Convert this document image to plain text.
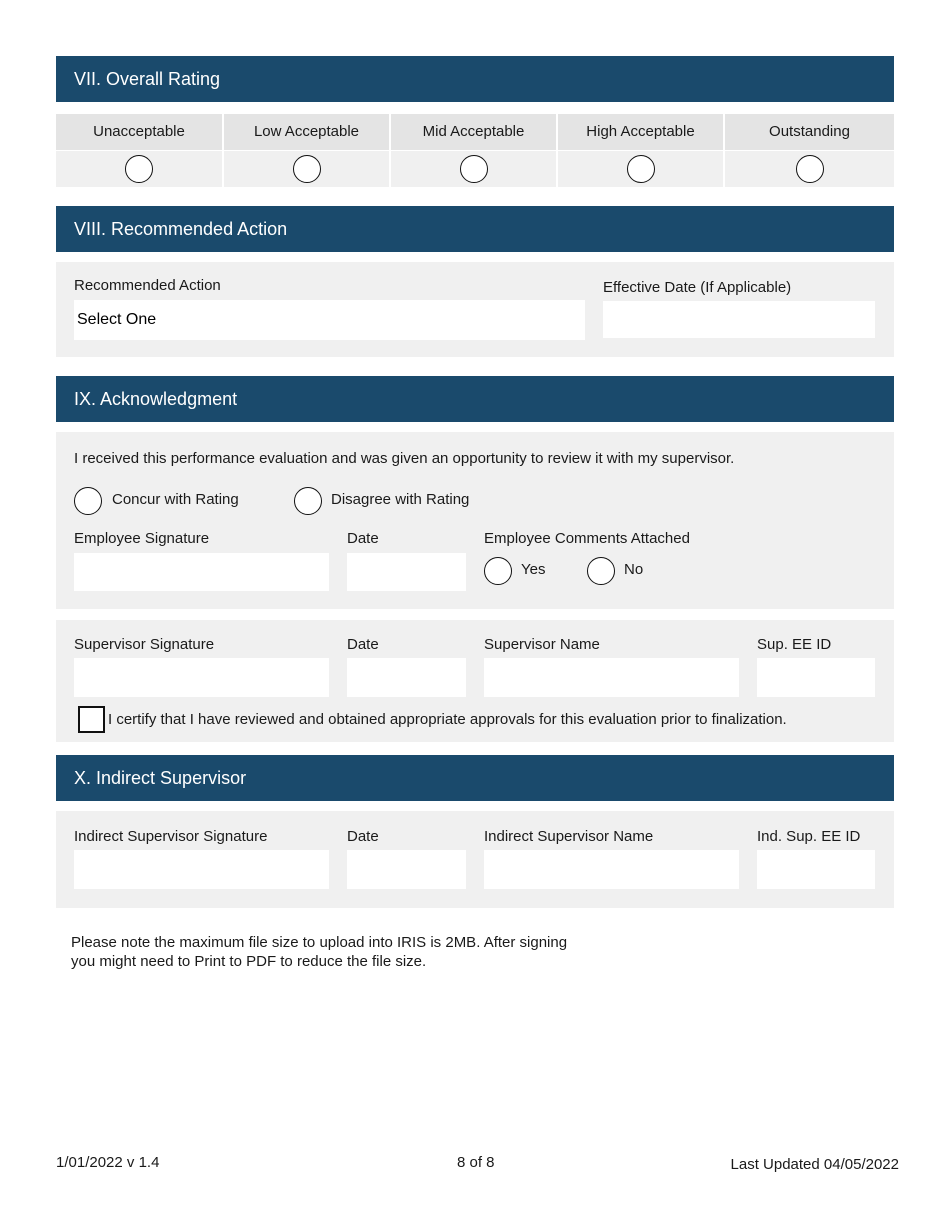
VII. Overall Rating
Unacceptable	Low Acceptable	Mid Acceptable	High Acceptable	Outstanding
VIII. Recommended Action
Recommended Action
Select One
Effective Date (If Applicable)
IX. Acknowledgment
I received this performance evaluation and was given an opportunity to review it with my supervisor.
Concur with Rating	Disagree with Rating
Employee Signature	Date	Employee Comments Attached
Yes	No
Supervisor Signature	Date	Supervisor Name	Sup. EE ID
I certify that I have reviewed and obtained appropriate approvals for this evaluation prior to finalization.
X. Indirect Supervisor
Indirect Supervisor Signature	Date	Indirect Supervisor Name	Ind. Sup. EE ID
Please note the maximum file size to upload into IRIS is 2MB. After signing
you might need to Print to PDF to reduce the file size.
1/01/2022 v 1.4	8 of 8	Last Updated 04/05/2022
